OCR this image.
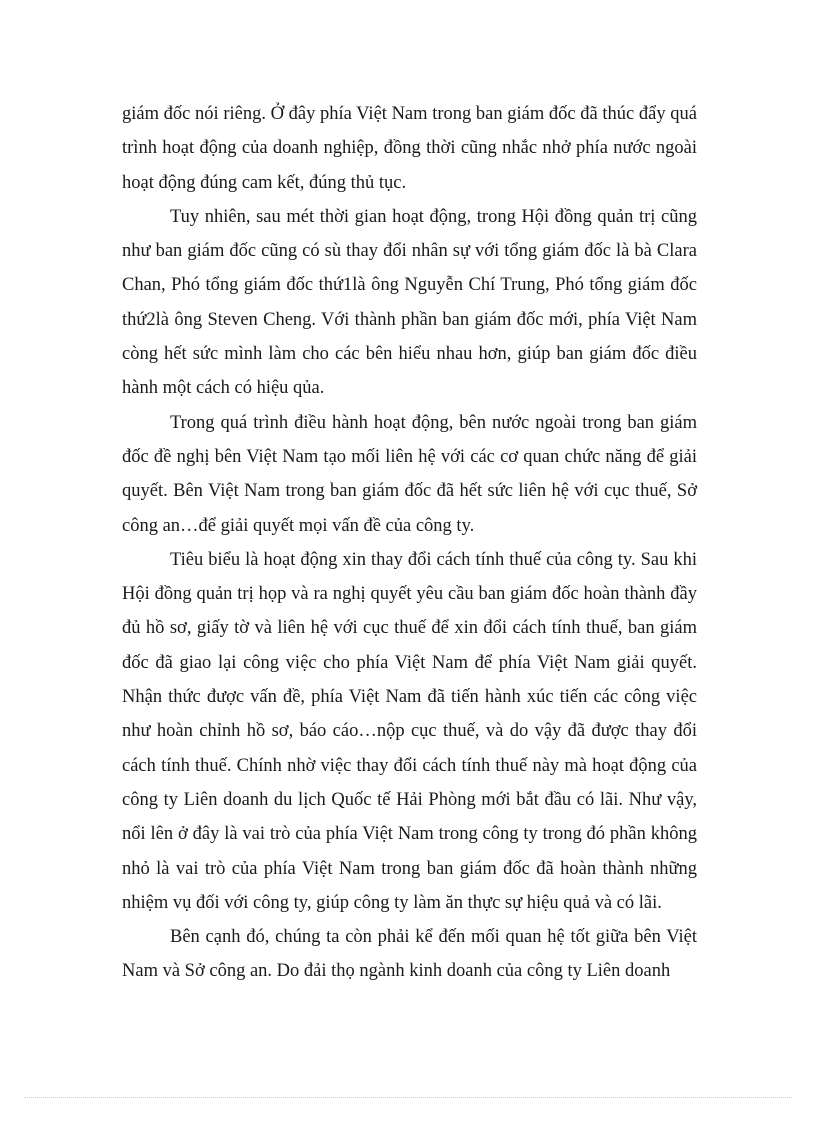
giám đốc nói riêng. Ở đây phía Việt Nam trong ban giám đốc đã thúc đẩy quá trình hoạt động của doanh nghiệp, đồng thời cũng nhắc nhở phía nước ngoài hoạt động đúng cam kết, đúng thủ tục.

Tuy nhiên, sau mét thời gian hoạt động, trong Hội đồng quản trị cũng như ban giám đốc cũng có sù thay đổi nhân sự với tổng giám đốc là bà Clara Chan, Phó tổng giám đốc thứ1là ông Nguyễn Chí Trung, Phó tổng giám đốc thứ2là ông Steven Cheng. Với thành phần ban giám đốc mới, phía Việt Nam còng hết sức mình làm cho các bên hiểu nhau hơn, giúp ban giám đốc điều hành một cách có hiệu qủa.

Trong quá trình điều hành hoạt động, bên nước ngoài trong ban giám đốc đề nghị bên Việt Nam tạo mối liên hệ với các cơ quan chức năng để giải quyết. Bên Việt Nam trong ban giám đốc đã hết sức liên hệ với cục thuế, Sở công an…để giải quyết mọi vấn đề của công ty.

Tiêu biểu là hoạt động xin thay đổi cách tính thuế của công ty. Sau khi Hội đồng quản trị họp và ra nghị quyết yêu cầu ban giám đốc hoàn thành đầy đủ hồ sơ, giấy tờ và liên hệ với cục thuế để xin đổi cách tính thuế, ban giám đốc đã giao lại công việc cho phía Việt Nam để phía Việt Nam giải quyết. Nhận thức được vấn đề, phía Việt Nam đã tiến hành xúc tiến các công việc như hoàn chỉnh hồ sơ, báo cáo…nộp cục thuế, và do vậy đã được thay đổi cách tính thuế. Chính nhờ việc thay đổi cách tính thuế này mà hoạt động của công ty Liên doanh du lịch Quốc tế Hải Phòng mới bắt đầu có lãi. Như vậy, nổi lên ở đây là vai trò của phía Việt Nam trong công ty trong đó phần không nhỏ là vai trò của phía Việt Nam trong ban giám đốc đã hoàn thành những nhiệm vụ đối với công ty, giúp công ty làm ăn thực sự hiệu quả và có lãi.

Bên cạnh đó, chúng ta còn phải kể đến mối quan hệ tốt giữa bên Việt Nam và Sở công an. Do đải thọ ngành kinh doanh của công ty Liên doanh
